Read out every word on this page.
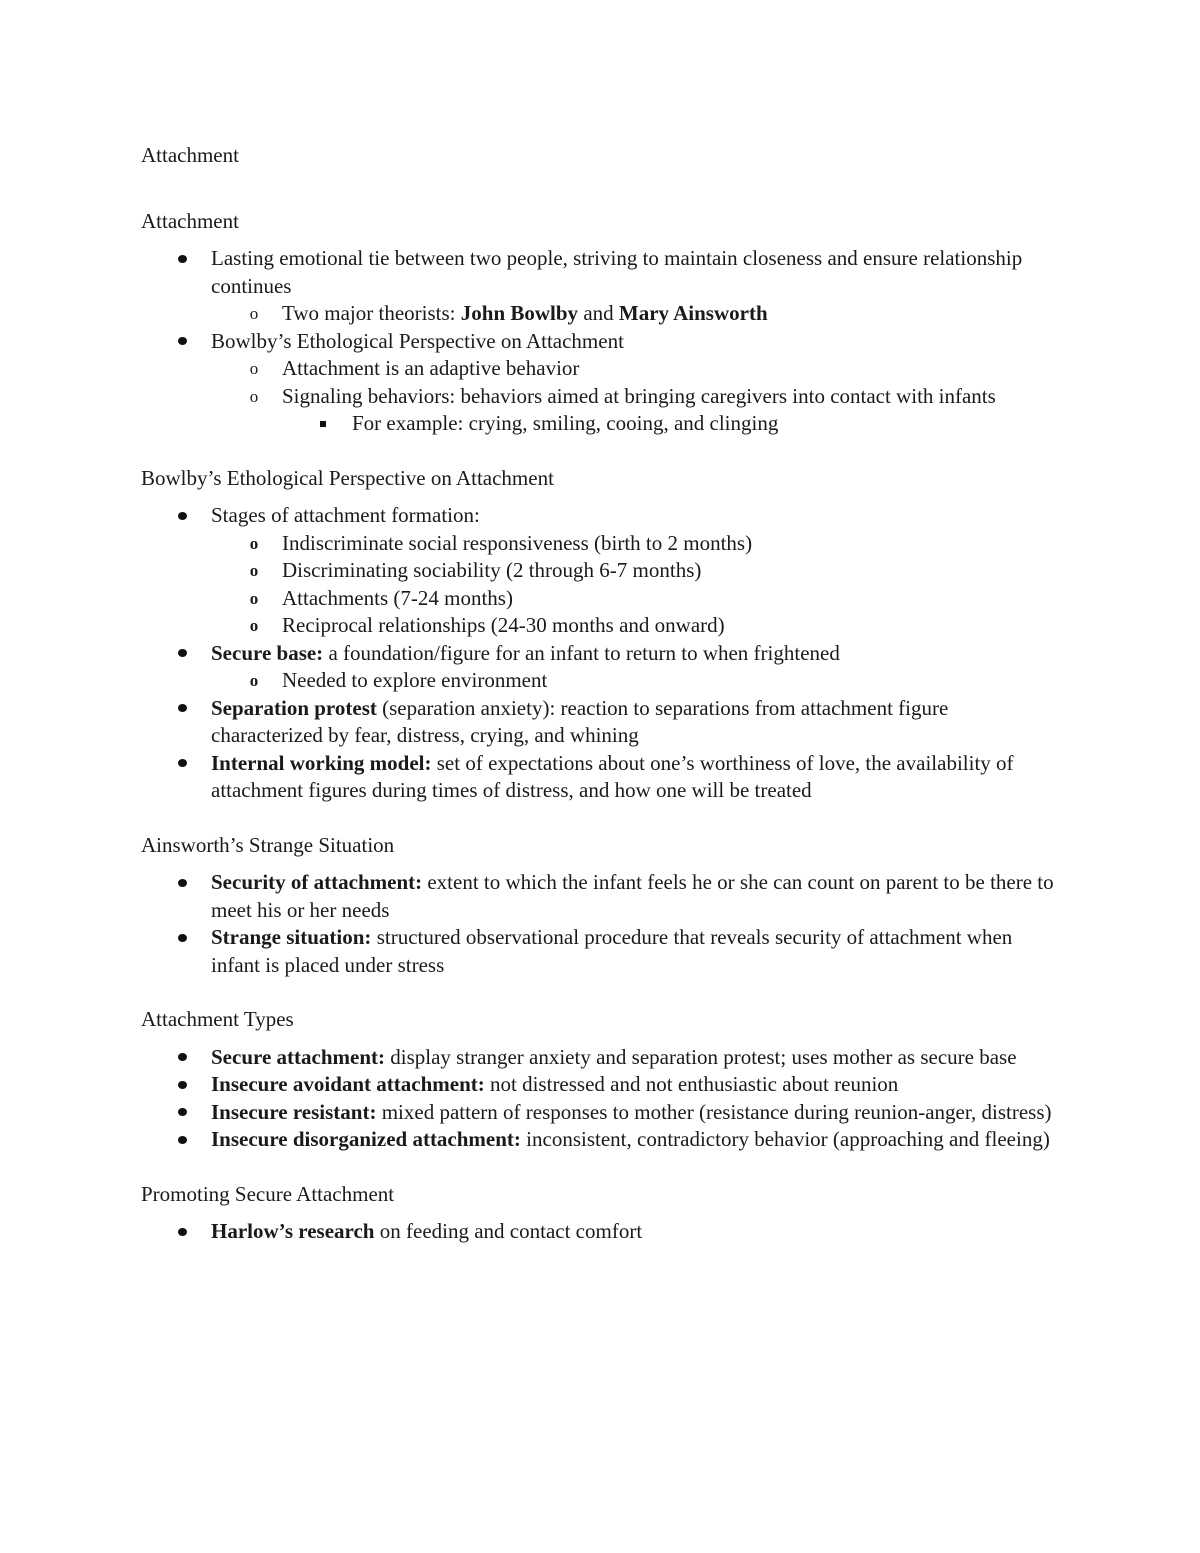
Attachment

Attachment

Lasting emotional tie between two people, striving to maintain closeness and ensure relationship continues
o Two major theorists: John Bowlby and Mary Ainsworth
Bowlby’s Ethological Perspective on Attachment
o Attachment is an adaptive behavior
o Signaling behaviors: behaviors aimed at bringing caregivers into contact with infants
For example: crying, smiling, cooing, and clinging

Bowlby’s Ethological Perspective on Attachment

Stages of attachment formation:
o Indiscriminate social responsiveness (birth to 2 months)
o Discriminating sociability (2 through 6-7 months)
o Attachments (7-24 months)
o Reciprocal relationships (24-30 months and onward)
Secure base: a foundation/figure for an infant to return to when frightened
o Needed to explore environment
Separation protest (separation anxiety): reaction to separations from attachment figure characterized by fear, distress, crying, and whining
Internal working model: set of expectations about one’s worthiness of love, the availability of attachment figures during times of distress, and how one will be treated

Ainsworth’s Strange Situation

Security of attachment: extent to which the infant feels he or she can count on parent to be there to meet his or her needs
Strange situation: structured observational procedure that reveals security of attachment when infant is placed under stress

Attachment Types

Secure attachment: display stranger anxiety and separation protest; uses mother as secure base
Insecure avoidant attachment: not distressed and not enthusiastic about reunion
Insecure resistant: mixed pattern of responses to mother (resistance during reunion-anger, distress)
Insecure disorganized attachment: inconsistent, contradictory behavior (approaching and fleeing)

Promoting Secure Attachment

Harlow’s research on feeding and contact comfort
